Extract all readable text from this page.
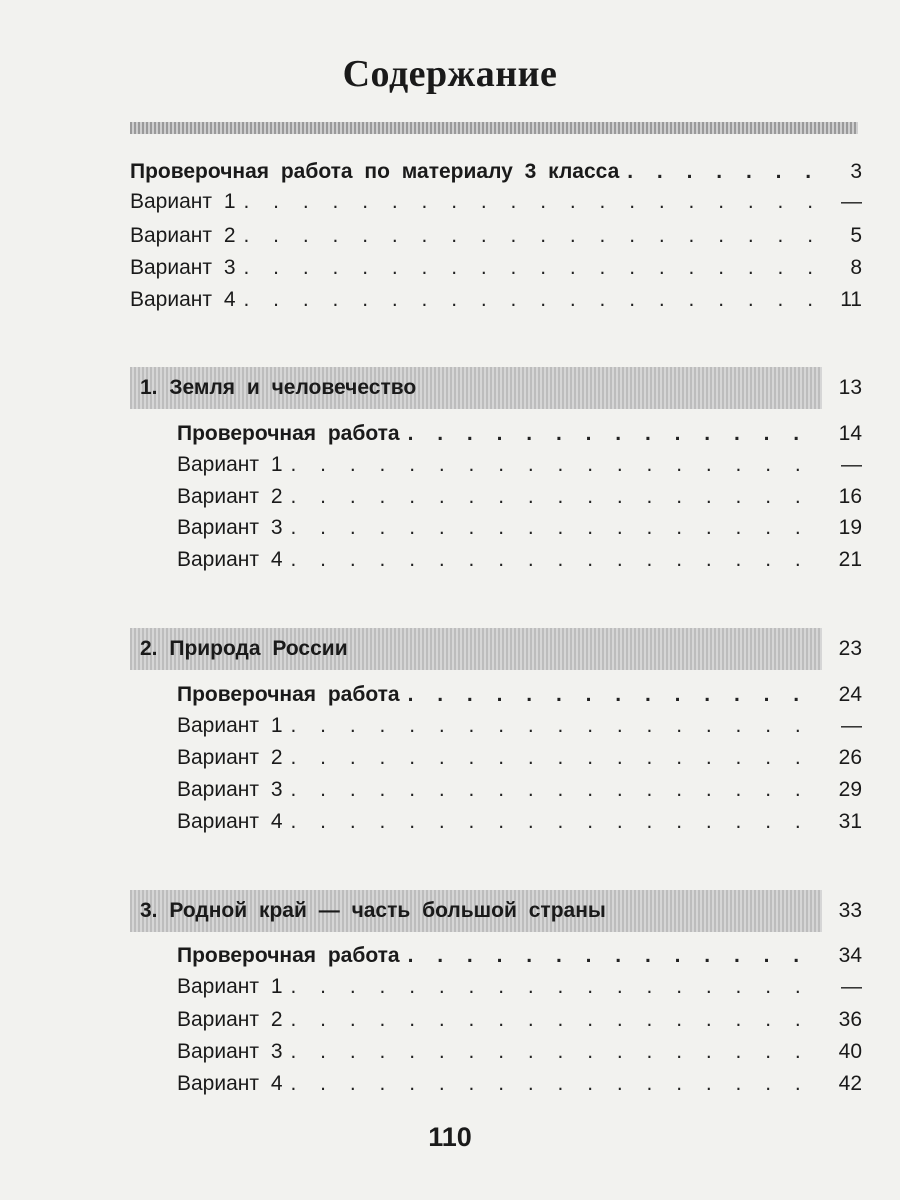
Содержание
Проверочная работа по материалу 3 класса . . .	3
Вариант 1 . . .	—
Вариант 2 . . .	5
Вариант 3 . . .	8
Вариант 4 . . .	11
1. Земля и человечество	13
Проверочная работа . . .	14
Вариант 1 . . .	—
Вариант 2 . . .	16
Вариант 3 . . .	19
Вариант 4 . . .	21
2. Природа России	23
Проверочная работа . . .	24
Вариант 1 . . .	—
Вариант 2 . . .	26
Вариант 3 . . .	29
Вариант 4 . . .	31
3. Родной край — часть большой страны	33
Проверочная работа . . .	34
Вариант 1 . . .	—
Вариант 2 . . .	36
Вариант 3 . . .	40
Вариант 4 . . .	42
110
